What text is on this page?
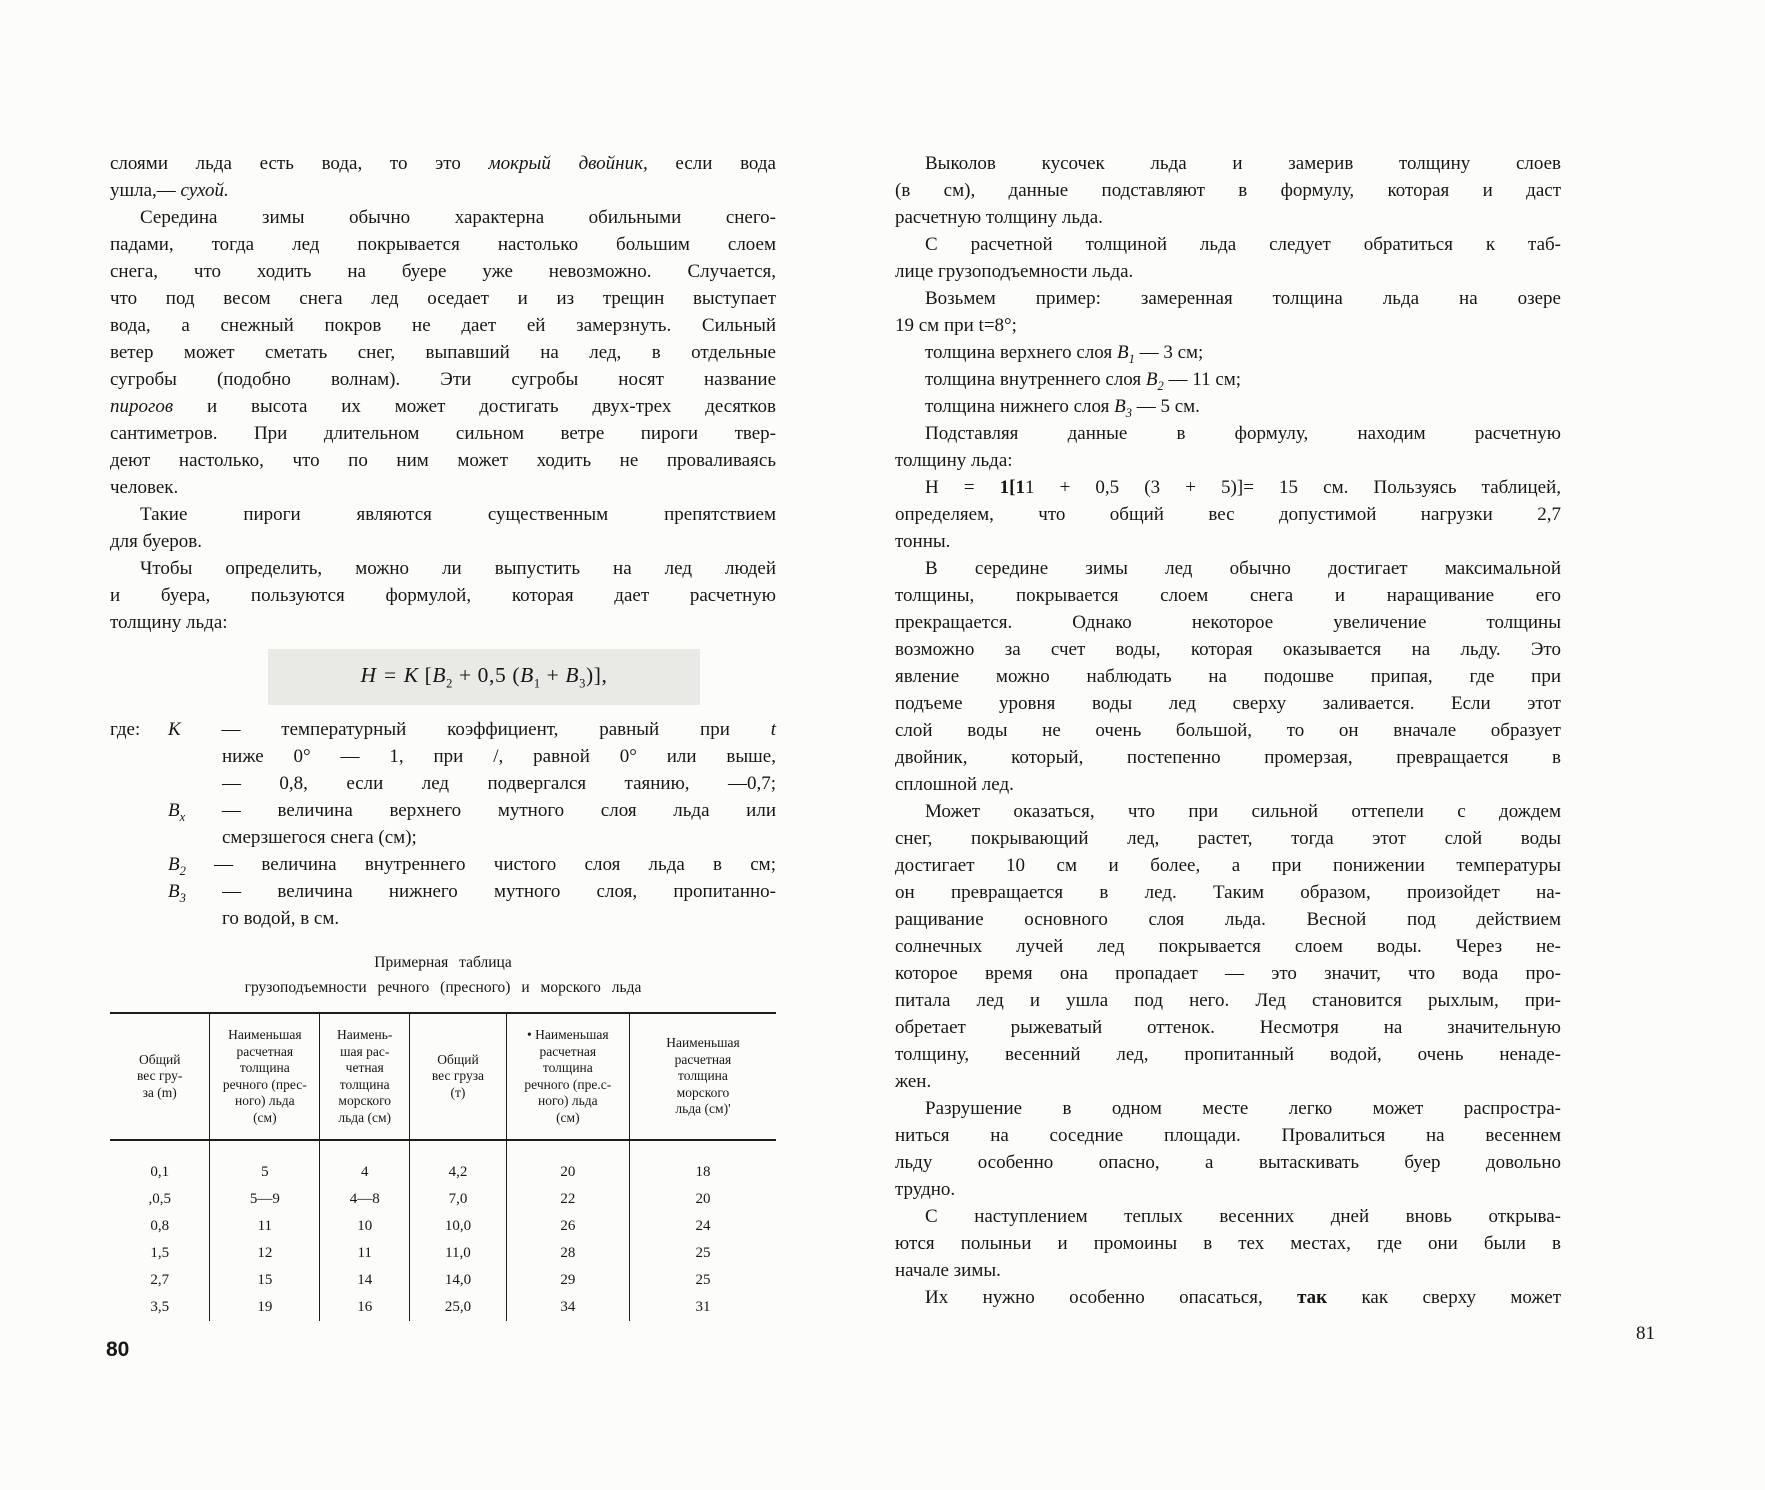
слоями льда есть вода, то это мокрый двойник, если вода
ушла,— сухой.
Середина зимы обычно характерна обильными снего-
падами, тогда лед покрывается настолько большим слоем
снега, что ходить на буере уже невозможно. Случается,
что под весом снега лед оседает и из трещин выступает
вода, а снежный покров не дает ей замерзнуть. Сильный
ветер может сметать снег, выпавший на лед, в отдельные
сугробы (подобно волнам). Эти сугробы носят название
пирогов и высота их может достигать двух-трех десятков
сантиметров. При длительном сильном ветре пироги твер-
деют настолько, что по ним может ходить не проваливаясь
человек.
Такие пироги являются существенным препятствием
для буеров.
Чтобы определить, можно ли выпустить на лед людей
и буера, пользуются формулой, которая дает расчетную
толщину льда:
H = K [$B_2 + 0,5$ $(B_1 + B_3)$],
где: К — температурный коэффициент, равный при t
ниже 0° — 1, при /, равной 0° или выше,
— 0,8, если лед подвергался таянию, —0,7;
$В_х$ — величина верхнего мутного слоя льда или
смерзшегося снега (см);
$В_2$ — величина внутреннего чистого слоя льда в см;
$В_3$ — величина нижнего мутного слоя, пропитанно-
го водой, в см.
Примерная таблица
грузоподъемности речного (пресного) и морского льда
Общий
вес гру-
за (m)

Наименьшая
расчетная
толщина
речного (прес-
ного) льда
(см)

Наимень-
шая рас-
четная
толщина
морского
льда (см)

Общий
вес груза
(т)

• Наименьшая
расчетная
толщина
речного (пре.с-
ного) льда
(см)

Наименьшая
расчетная
толщина
морского
льда (см)'

0,1	5	4	4,2	20	18
,0,5	5—9	4—8	7,0	22	20
0,8	11	10	10,0	26	24
1,5	12	11	11,0	28	25
2,7	15	14	14,0	29	25
3,5	19	16	25,0	34	31
Выколов кусочек льда и замерив толщину слоев
(в см), данные подставляют в формулу, которая и даст
расчетную толщину льда.
С расчетной толщиной льда следует обратиться к таб-
лице грузоподъемности льда.
Возьмем пример: замеренная толщина льда на озере
19 см при t=8°;
толщина верхнего слоя $В_1$ — 3 см;
толщина внутреннего слоя $В_2$ — 11 см;
толщина нижнего слоя $В_3$ — 5 см.
Подставляя данные в формулу, находим расчетную
толщину льда:
Н = 1[11 + 0,5 (3 + 5)]= 15 см. Пользуясь таблицей,
определяем, что общий вес допустимой нагрузки 2,7
тонны.
В середине зимы лед обычно достигает максимальной
толщины, покрывается слоем снега и наращивание его
прекращается. Однако некоторое увеличение толщины
возможно за счет воды, которая оказывается на льду. Это
явление можно наблюдать на подошве припая, где при
подъеме уровня воды лед сверху заливается. Если этот
слой воды не очень большой, то он вначале образует
двойник, который, постепенно промерзая, превращается в
сплошной лед.
Может оказаться, что при сильной оттепели с дождем
снег, покрывающий лед, растет, тогда этот слой воды
достигает 10 см и более, а при понижении температуры
он превращается в лед. Таким образом, произойдет на-
ращивание основного слоя льда. Весной под действием
солнечных лучей лед покрывается слоем воды. Через не-
которое время она пропадает — это значит, что вода про-
питала лед и ушла под него. Лед становится рыхлым, при-
обретает рыжеватый оттенок. Несмотря на значительную
толщину, весенний лед, пропитанный водой, очень ненаде-
жен.
Разрушение в одном месте легко может распростра-
ниться на соседние площади. Провалиться на весеннем
льду особенно опасно, а вытаскивать буер довольно
трудно.
С наступлением теплых весенних дней вновь открыва-
ются полыньи и промоины в тех местах, где они были в
начале зимы.
Их нужно особенно опасаться, так как сверху может
80
81
